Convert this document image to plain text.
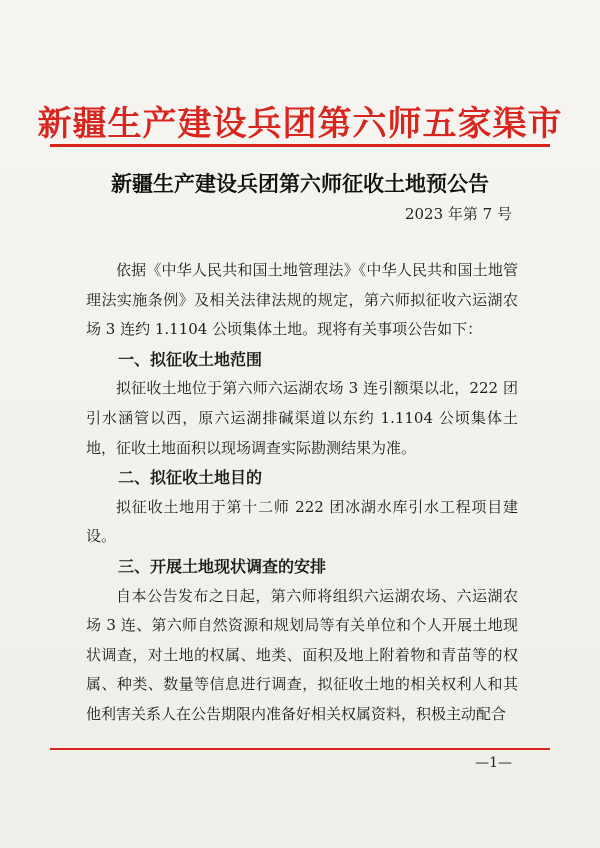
新疆生产建设兵团第六师五家渠市
新疆生产建设兵团第六师征收土地预公告
2023 年第 7 号

依据《中华人民共和国土地管理法》《中华人民共和国土地管理法实施条例》及相关法律法规的规定，第六师拟征收六运湖农场 3 连约 1.1104 公顷集体土地。现将有关事项公告如下：

一、拟征收土地范围

拟征收土地位于第六师六运湖农场 3 连引额渠以北，222 团引水涵管以西，原六运湖排碱渠道以东约 1.1104 公顷集体土地，征收土地面积以现场调查实际勘测结果为准。

二、拟征收土地目的

拟征收土地用于第十二师 222 团冰湖水库引水工程项目建设。

三、开展土地现状调查的安排

自本公告发布之日起，第六师将组织六运湖农场、六运湖农场 3 连、第六师自然资源和规划局等有关单位和个人开展土地现状调查，对土地的权属、地类、面积及地上附着物和青苗等的权属、种类、数量等信息进行调查，拟征收土地的相关权利人和其他利害关系人在公告期限内准备好相关权属资料，积极主动配合

—1—
